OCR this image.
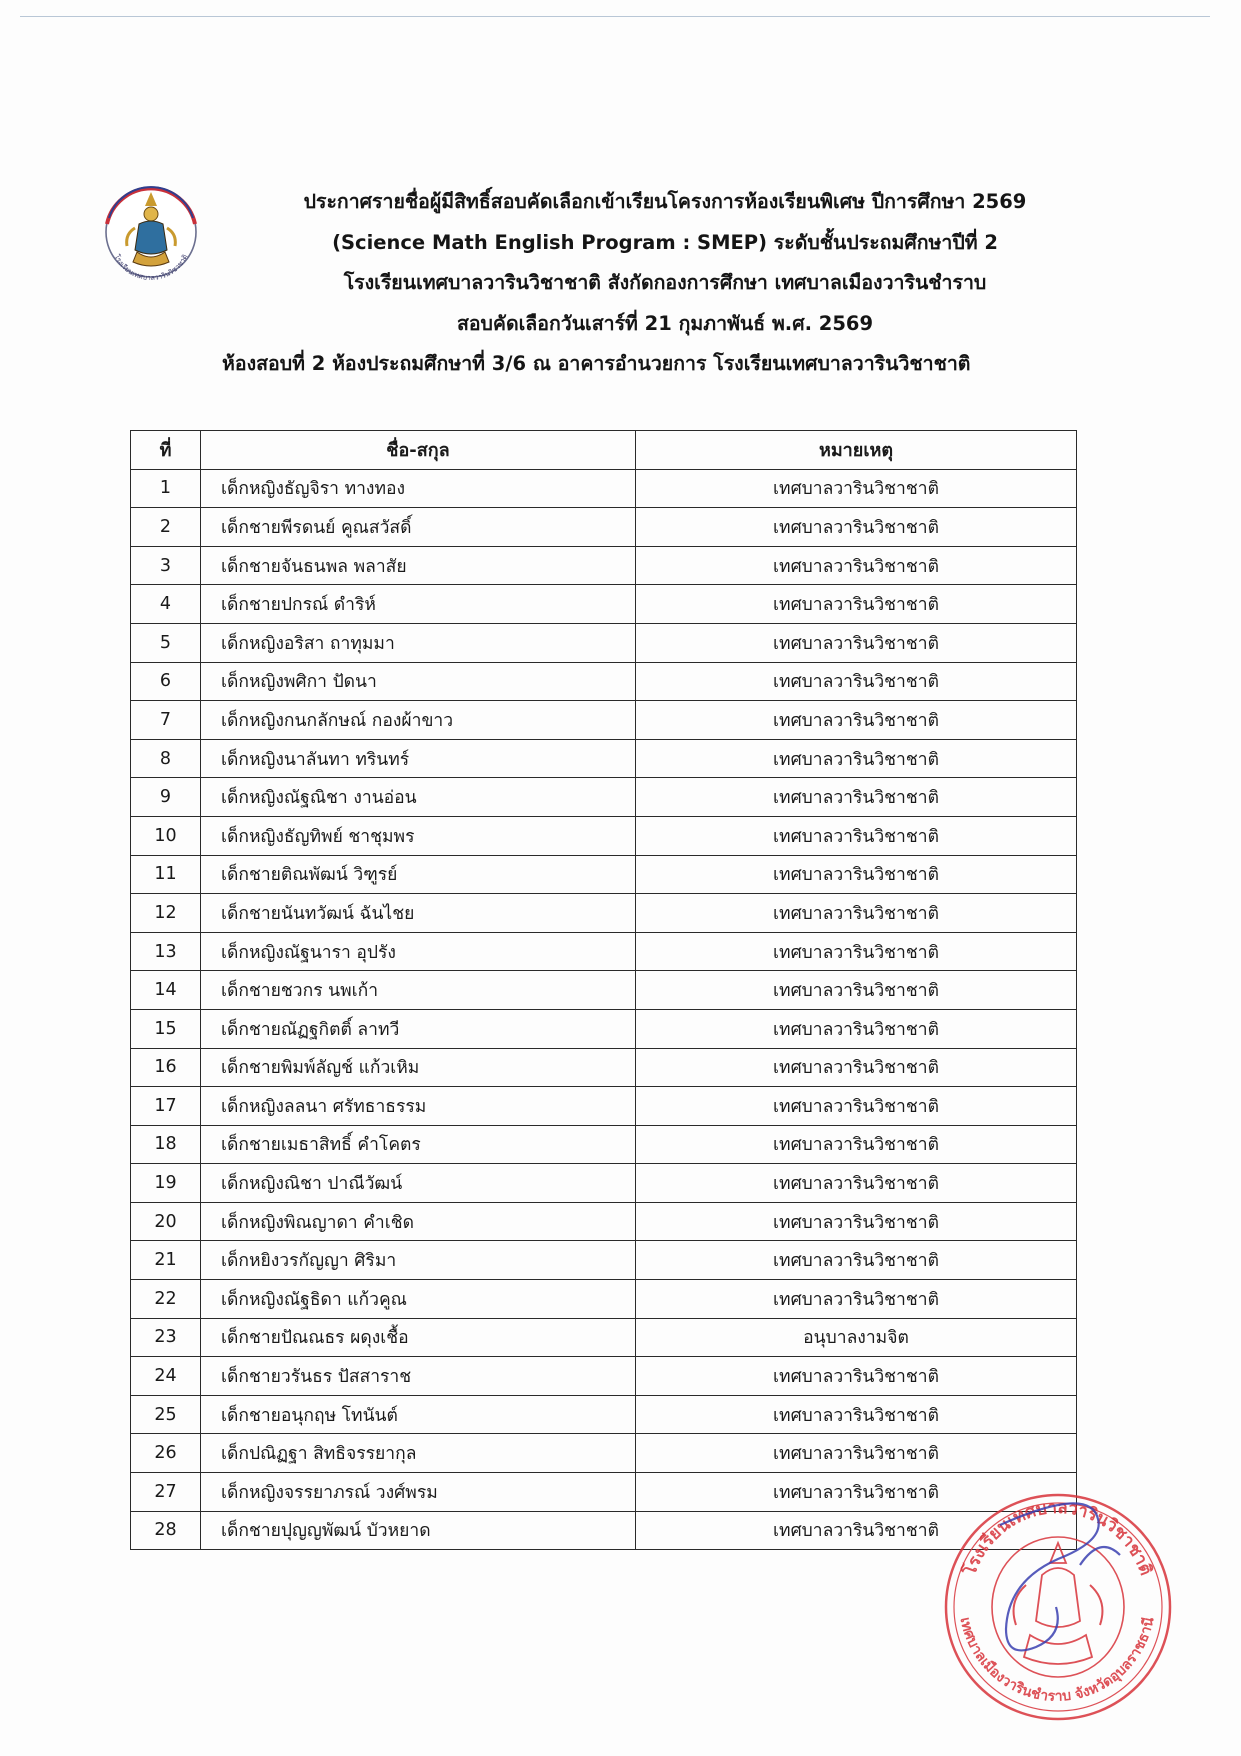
โรงเรียนเทศบาลวารินวิชาชาติ
ประกาศรายชื่อผู้มีสิทธิ์สอบคัดเลือกเข้าเรียนโครงการห้องเรียนพิเศษ ปีการศึกษา 2569
(Science Math English Program : SMEP) ระดับชั้นประถมศึกษาปีที่ 2
โรงเรียนเทศบาลวารินวิชาชาติ สังกัดกองการศึกษา เทศบาลเมืองวารินชำราบ
สอบคัดเลือกวันเสาร์ที่ 21 กุมภาพันธ์ พ.ศ. 2569
ห้องสอบที่ 2 ห้องประถมศึกษาที่ 3/6 ณ อาคารอำนวยการ โรงเรียนเทศบาลวารินวิชาชาติ
ที่	ชื่อ-สกุล	หมายเหตุ
1	เด็กหญิงธัญจิรา ทางทอง	เทศบาลวารินวิชาชาติ
2	เด็กชายพีรดนย์ คูณสวัสดิ์	เทศบาลวารินวิชาชาติ
3	เด็กชายจันธนพล พลาสัย	เทศบาลวารินวิชาชาติ
4	เด็กชายปกรณ์ ดำริห์	เทศบาลวารินวิชาชาติ
5	เด็กหญิงอริสา ถาทุมมา	เทศบาลวารินวิชาชาติ
6	เด็กหญิงพศิกา ปัดนา	เทศบาลวารินวิชาชาติ
7	เด็กหญิงกนกลักษณ์ กองผ้าขาว	เทศบาลวารินวิชาชาติ
8	เด็กหญิงนาลันทา ทรินทร์	เทศบาลวารินวิชาชาติ
9	เด็กหญิงณัฐณิชา งานอ่อน	เทศบาลวารินวิชาชาติ
10	เด็กหญิงธัญทิพย์ ชาชุมพร	เทศบาลวารินวิชาชาติ
11	เด็กชายติณพัฒน์ วิฑูรย์	เทศบาลวารินวิชาชาติ
12	เด็กชายนันทวัฒน์ ฉันไชย	เทศบาลวารินวิชาชาติ
13	เด็กหญิงณัฐนารา อุปรัง	เทศบาลวารินวิชาชาติ
14	เด็กชายชวกร นพเก้า	เทศบาลวารินวิชาชาติ
15	เด็กชายณัฏฐกิตติ์ ลาทวี	เทศบาลวารินวิชาชาติ
16	เด็กชายพิมพ์ลัญช์ แก้วเหิม	เทศบาลวารินวิชาชาติ
17	เด็กหญิงลลนา ศรัทธาธรรม	เทศบาลวารินวิชาชาติ
18	เด็กชายเมธาสิทธิ์ คำโคตร	เทศบาลวารินวิชาชาติ
19	เด็กหญิงณิชา ปาณีวัฒน์	เทศบาลวารินวิชาชาติ
20	เด็กหญิงพิณญาดา คำเชิด	เทศบาลวารินวิชาชาติ
21	เด็กหยิงวรกัญญา ศิริมา	เทศบาลวารินวิชาชาติ
22	เด็กหญิงณัฐธิดา แก้วคูณ	เทศบาลวารินวิชาชาติ
23	เด็กชายปัณณธร ผดุงเชื้อ	อนุบาลงามจิต
24	เด็กชายวรันธร ปัสสาราช	เทศบาลวารินวิชาชาติ
25	เด็กชายอนุกฤษ โทนันต์	เทศบาลวารินวิชาชาติ
26	เด็กปณิฏฐา สิทธิจรรยากุล	เทศบาลวารินวิชาชาติ
27	เด็กหญิงจรรยาภรณ์ วงศ์พรม	เทศบาลวารินวิชาชาติ
28	เด็กชายปุญญพัฒน์ บัวหยาด	เทศบาลวารินวิชาชาติ
โรงเรียนเทศบาลวารินวิชาชาติ
เทศบาลเมืองวารินชำราบ จังหวัดอุบลราชธานี
